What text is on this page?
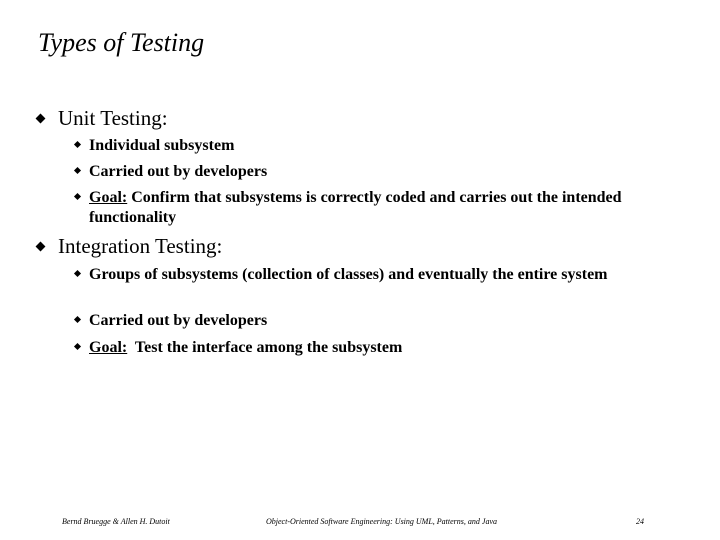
Types of Testing
Unit Testing:
Individual subsystem
Carried out by developers
Goal: Confirm that subsystems is correctly coded and carries out the intended functionality
Integration Testing:
Groups of subsystems (collection of classes) and eventually the entire system
Carried out by developers
Goal:  Test the interface among the subsystem
Bernd Bruegge & Allen H. Dutoit	Object-Oriented Software Engineering: Using UML, Patterns, and Java	24
